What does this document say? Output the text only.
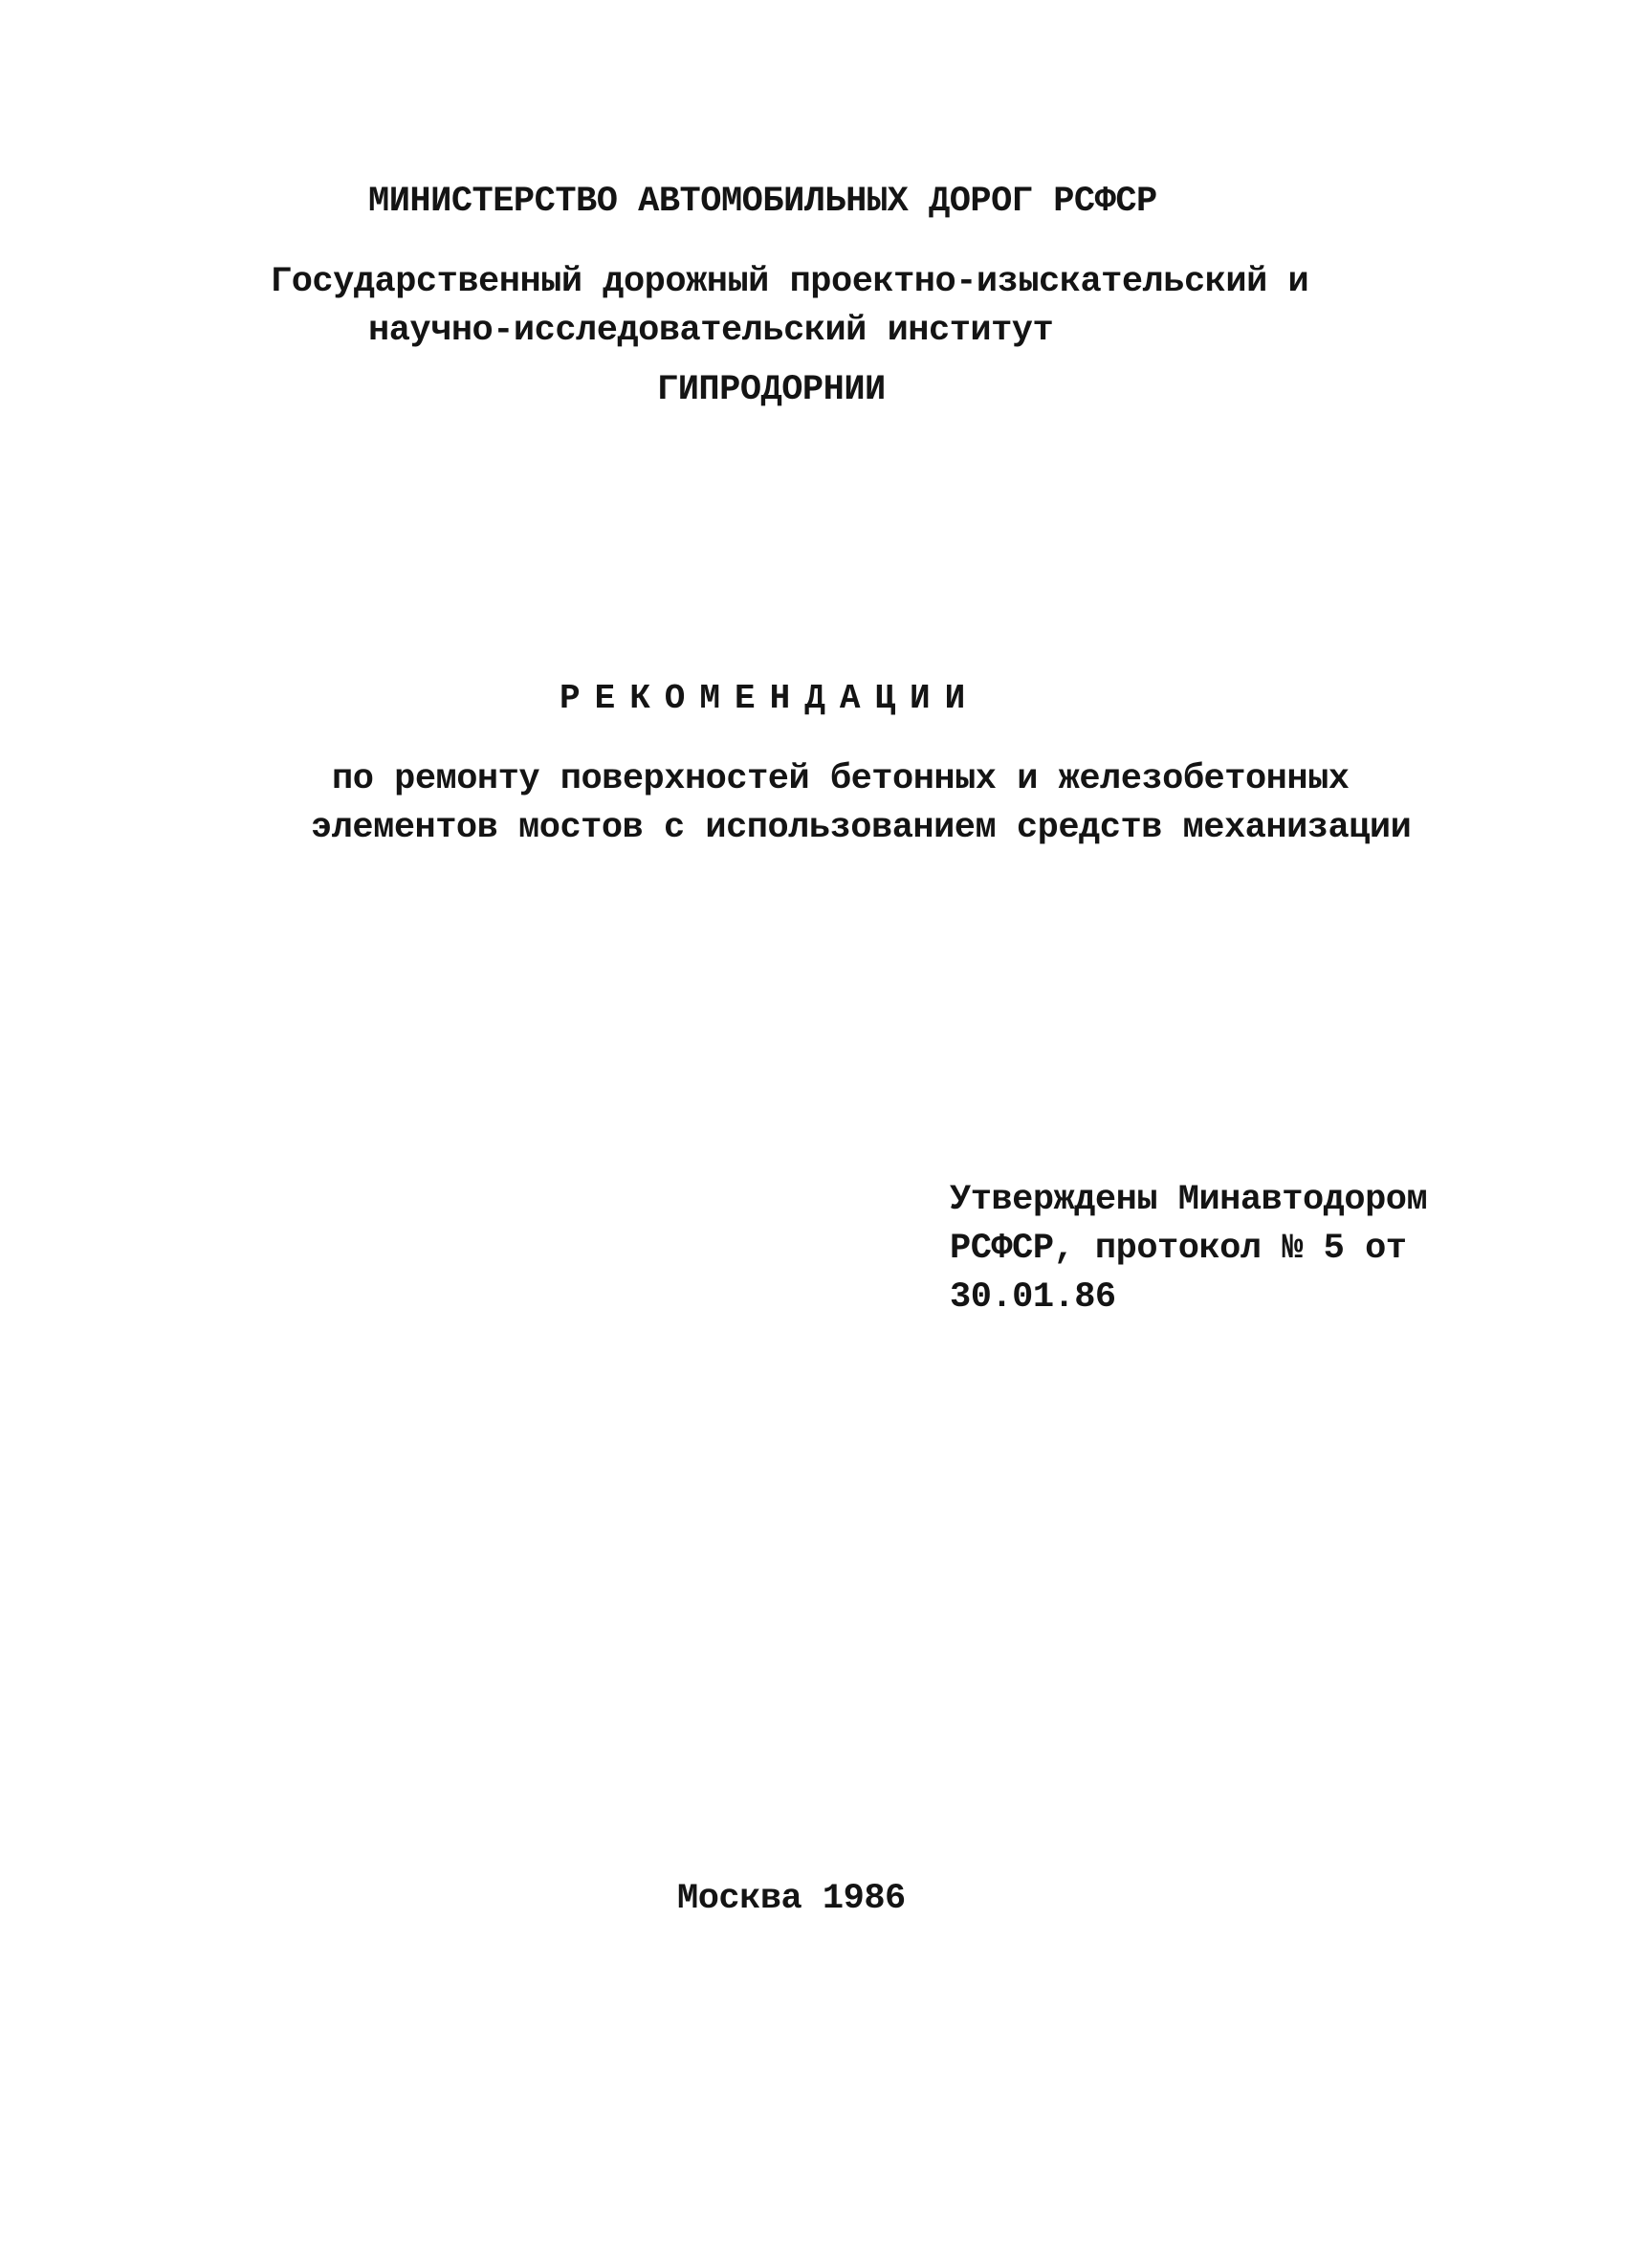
МИНИСТЕРСТВО АВТОМОБИЛЬНЫХ ДОРОГ РСФСР

Государственный дорожный проектно-изыскательский и

научно-исследовательский институт

ГИПРОДОРНИИ

РЕКОМЕНДАЦИИ

по ремонту поверхностей бетонных и железобетонных

элементов мостов с использованием средств механизации

Утверждены Минавтодором

РСФСР, протокол № 5 от

30.01.86

Москва 1986
